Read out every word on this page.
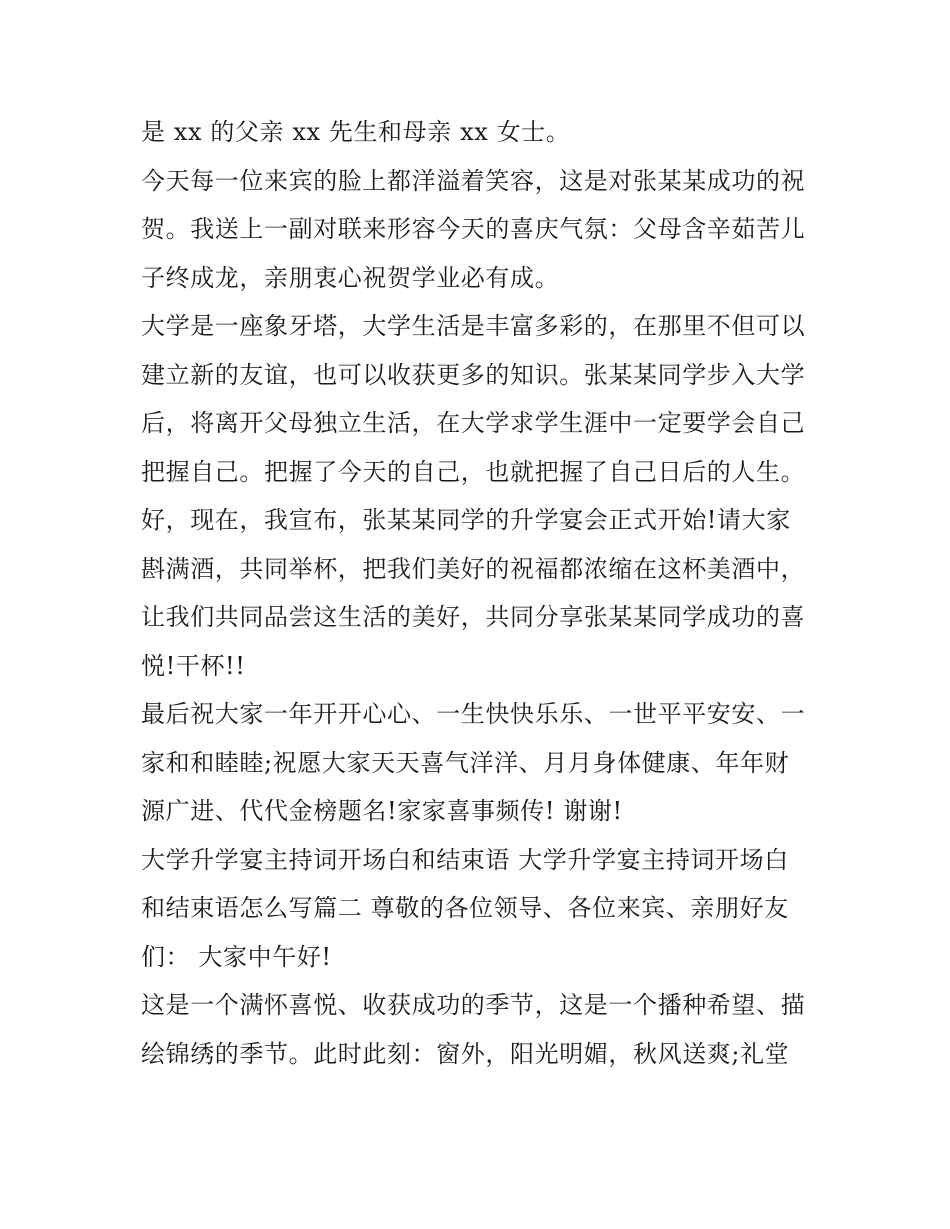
是 xx 的父亲 xx 先生和母亲 xx 女士。
今天每一位来宾的脸上都洋溢着笑容，这是对张某某成功的祝
贺。我送上一副对联来形容今天的喜庆气氛：父母含辛茹苦儿
子终成龙，亲朋衷心祝贺学业必有成。
大学是一座象牙塔，大学生活是丰富多彩的，在那里不但可以
建立新的友谊，也可以收获更多的知识。张某某同学步入大学
后，将离开父母独立生活，在大学求学生涯中一定要学会自己
把握自己。把握了今天的自己，也就把握了自己日后的人生。
好，现在，我宣布，张某某同学的升学宴会正式开始!请大家
斟满酒，共同举杯，把我们美好的祝福都浓缩在这杯美酒中，
让我们共同品尝这生活的美好，共同分享张某某同学成功的喜
悦!干杯!!
最后祝大家一年开开心心、一生快快乐乐、一世平平安安、一
家和和睦睦;祝愿大家天天喜气洋洋、月月身体健康、年年财
源广进、代代金榜题名!家家喜事频传! 谢谢!
大学升学宴主持词开场白和结束语 大学升学宴主持词开场白
和结束语怎么写篇二 尊敬的各位领导、各位来宾、亲朋好友
们： 大家中午好!
这是一个满怀喜悦、收获成功的季节，这是一个播种希望、描
绘锦绣的季节。此时此刻：窗外，阳光明媚，秋风送爽;礼堂
